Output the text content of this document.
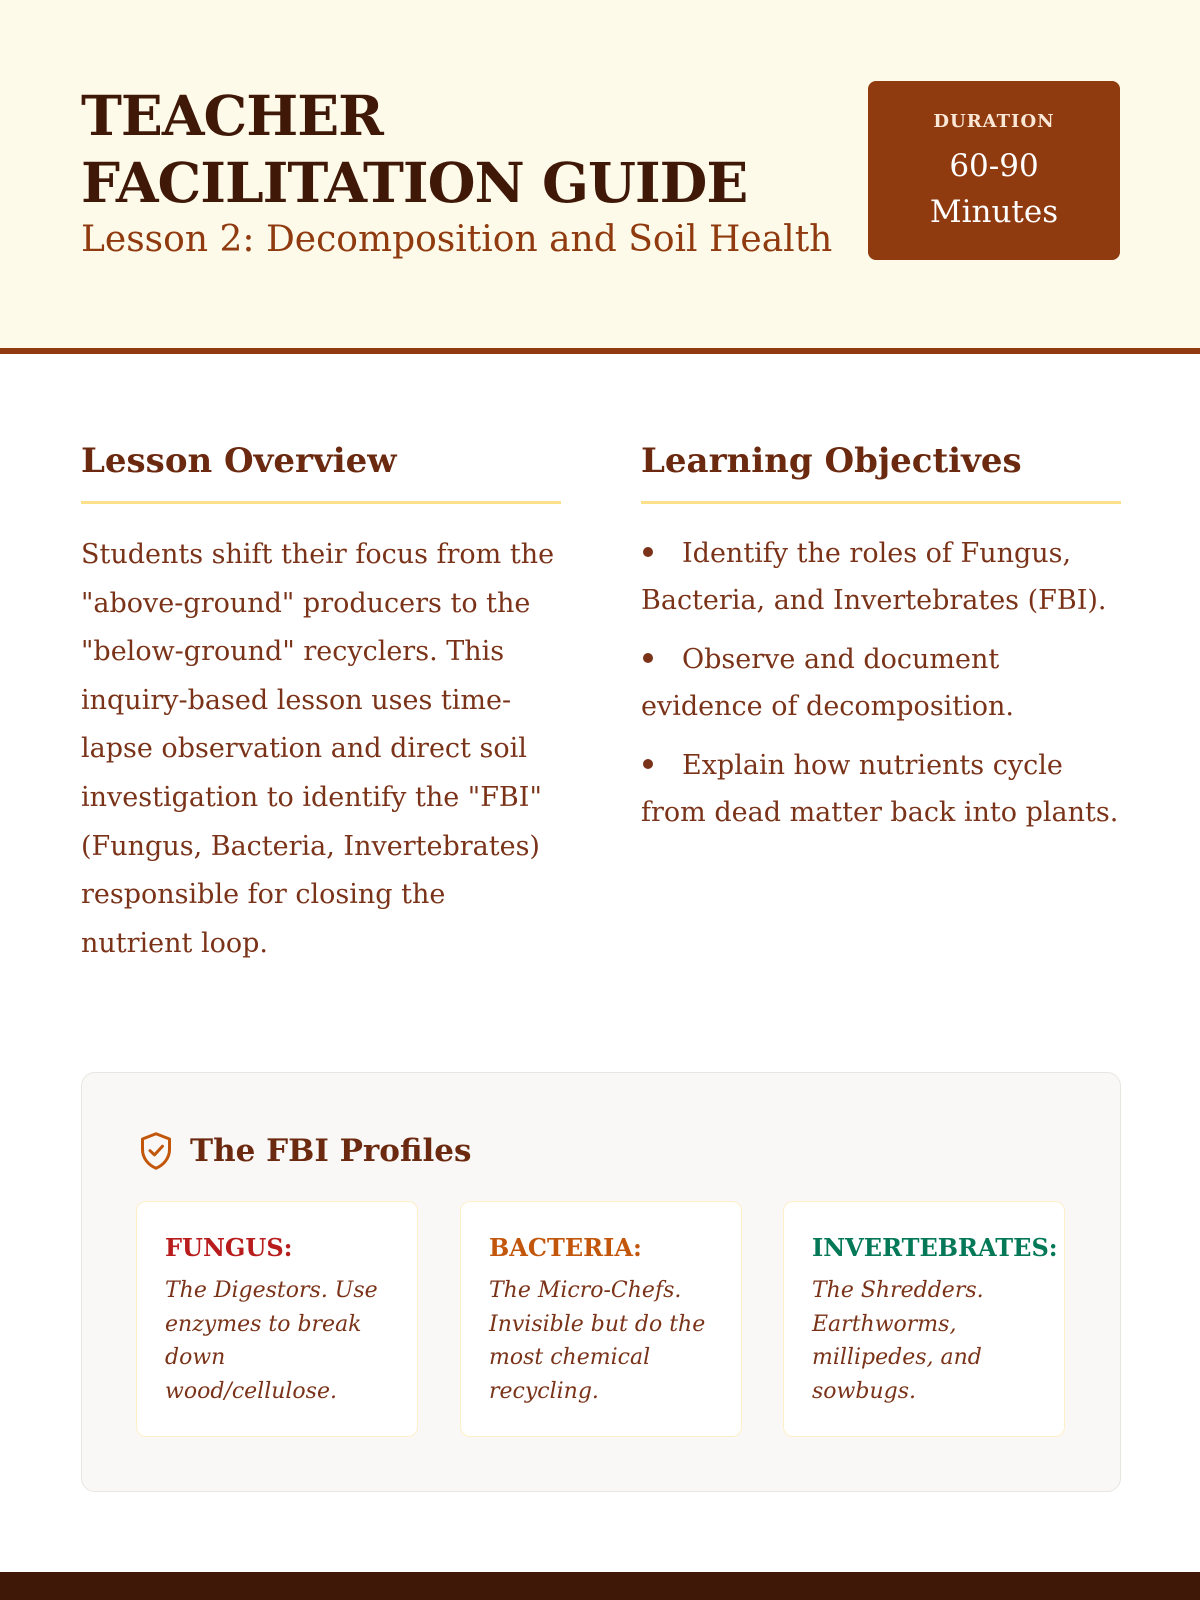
TEACHER FACILITATION GUIDE
Lesson 2: Decomposition and Soil Health
DURATION
60-90 Minutes
Lesson Overview

Students shift their focus from the "above-ground" producers to the "below-ground" recyclers. This inquiry-based lesson uses time-lapse observation and direct soil investigation to identify the "FBI" (Fungus, Bacteria, Invertebrates) responsible for closing the nutrient loop.

Learning Objectives
Identify the roles of Fungus, Bacteria, and Invertebrates (FBI).
Observe and document evidence of decomposition.
Explain how nutrients cycle from dead matter back into plants.
The FBI Profiles
FUNGUS:
The Digestors. Use enzymes to break down wood/cellulose.
BACTERIA:
The Micro-Chefs. Invisible but do the most chemical recycling.
INVERTEBRATES:
The Shredders. Earthworms, millipedes, and sowbugs.
